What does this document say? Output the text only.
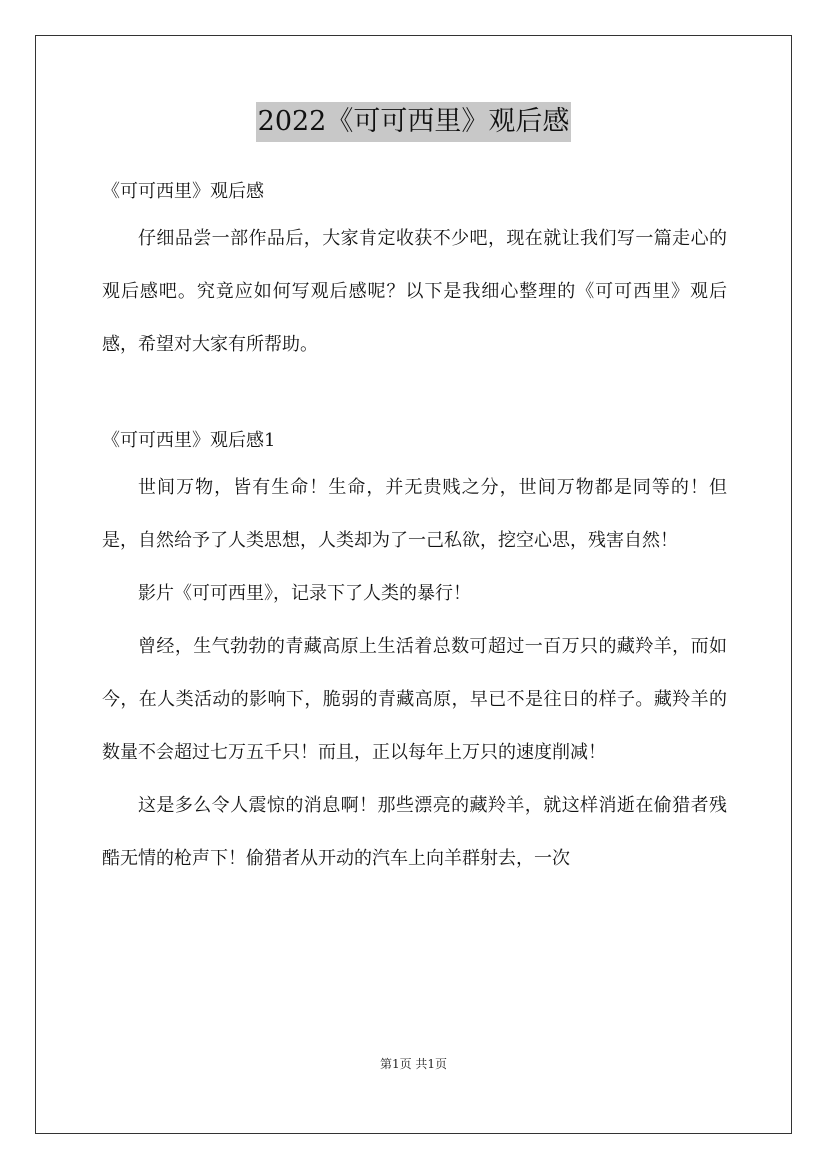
2022《可可西里》观后感

《可可西里》观后感

仔细品尝一部作品后，大家肯定收获不少吧，现在就让我们写一篇走心的观后感吧。究竟应如何写观后感呢？以下是我细心整理的《可可西里》观后感，希望对大家有所帮助。

《可可西里》观后感1

世间万物，皆有生命！生命，并无贵贱之分，世间万物都是同等的！但是，自然给予了人类思想，人类却为了一己私欲，挖空心思，残害自然！

影片《可可西里》，记录下了人类的暴行！

曾经，生气勃勃的青藏高原上生活着总数可超过一百万只的藏羚羊，而如今，在人类活动的影响下，脆弱的青藏高原，早已不是往日的样子。藏羚羊的数量不会超过七万五千只！而且，正以每年上万只的速度削减！

这是多么令人震惊的消息啊！那些漂亮的藏羚羊，就这样消逝在偷猎者残酷无情的枪声下！偷猎者从开动的汽车上向羊群射去，一次

第1页 共1页
